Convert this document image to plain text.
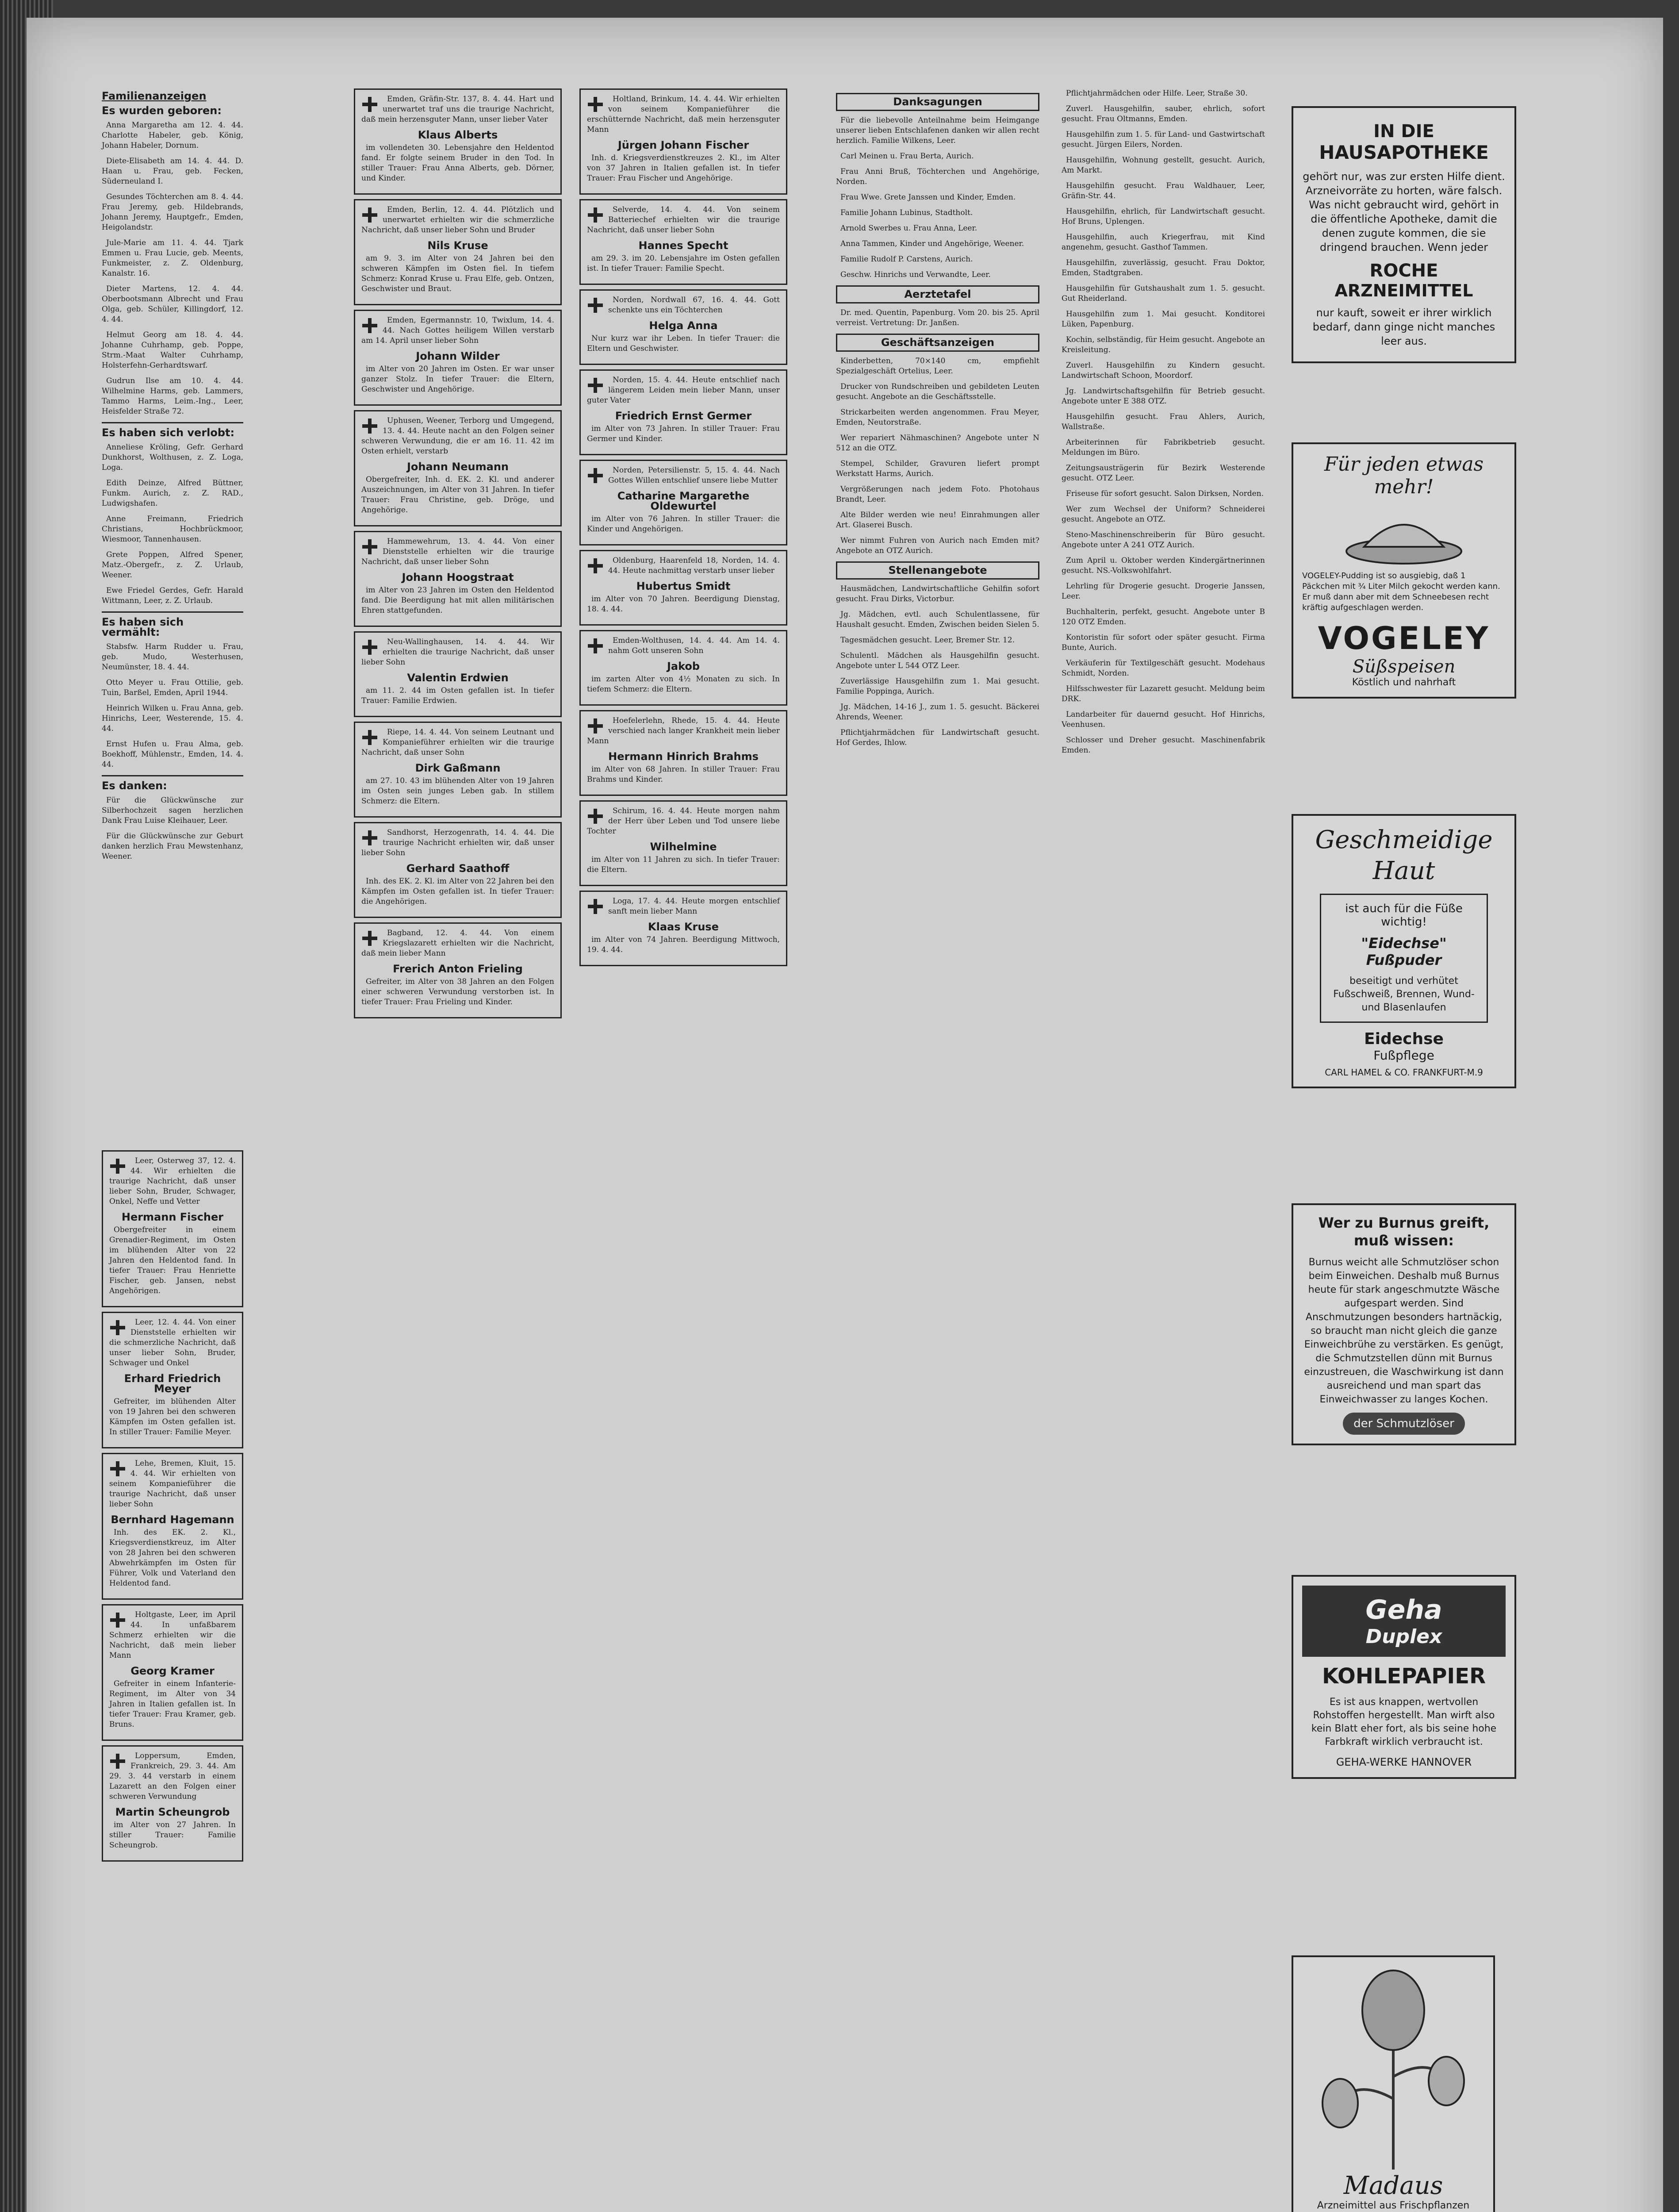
Familienanzeigen
Es wurden geboren:

Anna Margaretha am 12. 4. 44. Charlotte Habeler, geb. König, Johann Habeler, Dornum.

Diete-Elisabeth am 14. 4. 44. D. Haan u. Frau, geb. Fecken, Süderneuland I.

Gesundes Töchterchen am 8. 4. 44. Frau Jeremy, geb. Hildebrands, Johann Jeremy, Hauptgefr., Emden, Heigolandstr.

Jule-Marie am 11. 4. 44. Tjark Emmen u. Frau Lucie, geb. Meents, Funkmeister, z. Z. Oldenburg, Kanalstr. 16.

Dieter Martens, 12. 4. 44. Oberbootsmann Albrecht und Frau Olga, geb. Schüler, Killingdorf, 12. 4. 44.

Helmut Georg am 18. 4. 44. Johanne Cuhrhamp, geb. Poppe, Strm.-Maat Walter Cuhrhamp, Holsterfehn-Gerhardtswarf.

Gudrun Ilse am 10. 4. 44. Wilhelmine Harms, geb. Lammers, Tammo Harms, Leim.-Ing., Leer, Heisfelder Straße 72.

Es haben sich verlobt:

Anneliese Kröling, Gefr. Gerhard Dunkhorst, Wolthusen, z. Z. Loga, Loga.

Edith Deinze, Alfred Büttner, Funkm. Aurich, z. Z. RAD., Ludwigshafen.

Anne Freimann, Friedrich Christians, Hochbrückmoor, Wiesmoor, Tannenhausen.

Grete Poppen, Alfred Spener, Matz.-Obergefr., z. Z. Urlaub, Weener.

Ewe Friedel Gerdes, Gefr. Harald Wittmann, Leer, z. Z. Urlaub.

Es haben sich vermählt:

Stabsfw. Harm Rudder u. Frau, geb. Mudo, Westerhusen, Neumünster, 18. 4. 44.

Otto Meyer u. Frau Ottilie, geb. Tuin, Barßel, Emden, April 1944.

Heinrich Wilken u. Frau Anna, geb. Hinrichs, Leer, Westerende, 15. 4. 44.

Ernst Hufen u. Frau Alma, geb. Boekhoff, Mühlenstr., Emden, 14. 4. 44.

Es danken:

Für die Glückwünsche zur Silberhochzeit sagen herzlichen Dank Frau Luise Kleihauer, Leer.

Für die Glückwünsche zur Geburt danken herzlich Frau Mewstenhanz, Weener.

Leer, Osterweg 37, 12. 4. 44. Wir erhielten die traurige Nachricht, daß unser lieber Sohn, Bruder, Schwager, Onkel, Neffe und Vetter

Hermann Fischer

Obergefreiter in einem Grenadier-Regiment, im Osten im blühenden Alter von 22 Jahren den Heldentod fand. In tiefer Trauer: Frau Henriette Fischer, geb. Jansen, nebst Angehörigen.

Leer, 12. 4. 44. Von einer Dienststelle erhielten wir die schmerzliche Nachricht, daß unser lieber Sohn, Bruder, Schwager und Onkel

Erhard Friedrich Meyer

Gefreiter, im blühenden Alter von 19 Jahren bei den schweren Kämpfen im Osten gefallen ist. In stiller Trauer: Familie Meyer.

Lehe, Bremen, Kluit, 15. 4. 44. Wir erhielten von seinem Kompanieführer die traurige Nachricht, daß unser lieber Sohn

Bernhard Hagemann

Inh. des EK. 2. Kl., Kriegsverdienstkreuz, im Alter von 28 Jahren bei den schweren Abwehrkämpfen im Osten für Führer, Volk und Vaterland den Heldentod fand.

Holtgaste, Leer, im April 44. In unfaßbarem Schmerz erhielten wir die Nachricht, daß mein lieber Mann

Georg Kramer

Gefreiter in einem Infanterie-Regiment, im Alter von 34 Jahren in Italien gefallen ist. In tiefer Trauer: Frau Kramer, geb. Bruns.

Loppersum, Emden, Frankreich, 29. 3. 44. Am 29. 3. 44 verstarb in einem Lazarett an den Folgen einer schweren Verwundung

Martin Scheungrob

im Alter von 27 Jahren. In stiller Trauer: Familie Scheungrob.

Emden, Gräfin-Str. 137, 8. 4. 44. Hart und unerwartet traf uns die traurige Nachricht, daß mein herzensguter Mann, unser lieber Vater

Klaus Alberts

im vollendeten 30. Lebensjahre den Heldentod fand. Er folgte seinem Bruder in den Tod. In stiller Trauer: Frau Anna Alberts, geb. Dörner, und Kinder.

Emden, Berlin, 12. 4. 44. Plötzlich und unerwartet erhielten wir die schmerzliche Nachricht, daß unser lieber Sohn und Bruder

Nils Kruse

am 9. 3. im Alter von 24 Jahren bei den schweren Kämpfen im Osten fiel. In tiefem Schmerz: Konrad Kruse u. Frau Elfe, geb. Ontzen, Geschwister und Braut.

Emden, Egermannstr. 10, Twixlum, 14. 4. 44. Nach Gottes heiligem Willen verstarb am 14. April unser lieber Sohn

Johann Wilder

im Alter von 20 Jahren im Osten. Er war unser ganzer Stolz. In tiefer Trauer: die Eltern, Geschwister und Angehörige.

Uphusen, Weener, Terborg und Umgegend, 13. 4. 44. Heute nacht an den Folgen seiner schweren Verwundung, die er am 16. 11. 42 im Osten erhielt, verstarb

Johann Neumann

Obergefreiter, Inh. d. EK. 2. Kl. und anderer Auszeichnungen, im Alter von 31 Jahren. In tiefer Trauer: Frau Christine, geb. Dröge, und Angehörige.

Hammewehrum, 13. 4. 44. Von einer Dienststelle erhielten wir die traurige Nachricht, daß unser lieber Sohn

Johann Hoogstraat

im Alter von 23 Jahren im Osten den Heldentod fand. Die Beerdigung hat mit allen militärischen Ehren stattgefunden.

Neu-Wallinghausen, 14. 4. 44. Wir erhielten die traurige Nachricht, daß unser lieber Sohn

Valentin Erdwien

am 11. 2. 44 im Osten gefallen ist. In tiefer Trauer: Familie Erdwien.

Riepe, 14. 4. 44. Von seinem Leutnant und Kompanieführer erhielten wir die traurige Nachricht, daß unser Sohn

Dirk Gaßmann

am 27. 10. 43 im blühenden Alter von 19 Jahren im Osten sein junges Leben gab. In stillem Schmerz: die Eltern.

Sandhorst, Herzogenrath, 14. 4. 44. Die traurige Nachricht erhielten wir, daß unser lieber Sohn

Gerhard Saathoff

Inh. des EK. 2. Kl. im Alter von 22 Jahren bei den Kämpfen im Osten gefallen ist. In tiefer Trauer: die Angehörigen.

Bagband, 12. 4. 44. Von einem Kriegslazarett erhielten wir die Nachricht, daß mein lieber Mann

Frerich Anton Frieling

Gefreiter, im Alter von 38 Jahren an den Folgen einer schweren Verwundung verstorben ist. In tiefer Trauer: Frau Frieling und Kinder.

Holtland, Brinkum, 14. 4. 44. Wir erhielten von seinem Kompanieführer die erschütternde Nachricht, daß mein herzensguter Mann

Jürgen Johann Fischer

Inh. d. Kriegsverdienstkreuzes 2. Kl., im Alter von 37 Jahren in Italien gefallen ist. In tiefer Trauer: Frau Fischer und Angehörige.

Selverde, 14. 4. 44. Von seinem Batteriechef erhielten wir die traurige Nachricht, daß unser lieber Sohn

Hannes Specht

am 29. 3. im 20. Lebensjahre im Osten gefallen ist. In tiefer Trauer: Familie Specht.

Norden, Nordwall 67, 16. 4. 44. Gott schenkte uns ein Töchterchen

Helga Anna

Nur kurz war ihr Leben. In tiefer Trauer: die Eltern und Geschwister.

Norden, 15. 4. 44. Heute entschlief nach längerem Leiden mein lieber Mann, unser guter Vater

Friedrich Ernst Germer

im Alter von 73 Jahren. In stiller Trauer: Frau Germer und Kinder.

Norden, Petersilienstr. 5, 15. 4. 44. Nach Gottes Willen entschlief unsere liebe Mutter

Catharine Margarethe Oldewurtel

im Alter von 76 Jahren. In stiller Trauer: die Kinder und Angehörigen.

Oldenburg, Haarenfeld 18, Norden, 14. 4. 44. Heute nachmittag verstarb unser lieber

Hubertus Smidt

im Alter von 70 Jahren. Beerdigung Dienstag, 18. 4. 44.

Emden-Wolthusen, 14. 4. 44. Am 14. 4. nahm Gott unseren Sohn

Jakob

im zarten Alter von 4½ Monaten zu sich. In tiefem Schmerz: die Eltern.

Hoefelerlehn, Rhede, 15. 4. 44. Heute verschied nach langer Krankheit mein lieber Mann

Hermann Hinrich Brahms

im Alter von 68 Jahren. In stiller Trauer: Frau Brahms und Kinder.

Schirum, 16. 4. 44. Heute morgen nahm der Herr über Leben und Tod unsere liebe Tochter

Wilhelmine

im Alter von 11 Jahren zu sich. In tiefer Trauer: die Eltern.

Loga, 17. 4. 44. Heute morgen entschlief sanft mein lieber Mann

Klaas Kruse

im Alter von 74 Jahren. Beerdigung Mittwoch, 19. 4. 44.

Danksagungen

Für die liebevolle Anteilnahme beim Heimgange unserer lieben Entschlafenen danken wir allen recht herzlich. Familie Wilkens, Leer.

Carl Meinen u. Frau Berta, Aurich.

Frau Anni Bruß, Töchterchen und Angehörige, Norden.

Frau Wwe. Grete Janssen und Kinder, Emden.

Familie Johann Lubinus, Stadtholt.

Arnold Swerbes u. Frau Anna, Leer.

Anna Tammen, Kinder und Angehörige, Weener.

Familie Rudolf P. Carstens, Aurich.

Geschw. Hinrichs und Verwandte, Leer.

Aerztetafel

Dr. med. Quentin, Papenburg. Vom 20. bis 25. April verreist. Vertretung: Dr. Janßen.

Geschäftsanzeigen

Kinderbetten, 70×140 cm, empfiehlt Spezialgeschäft Ortelius, Leer.

Drucker von Rundschreiben und gebildeten Leuten gesucht. Angebote an die Geschäftsstelle.

Strickarbeiten werden angenommen. Frau Meyer, Emden, Neutorstraße.

Wer repariert Nähmaschinen? Angebote unter N 512 an die OTZ.

Stempel, Schilder, Gravuren liefert prompt Werkstatt Harms, Aurich.

Vergrößerungen nach jedem Foto. Photohaus Brandt, Leer.

Alte Bilder werden wie neu! Einrahmungen aller Art. Glaserei Busch.

Wer nimmt Fuhren von Aurich nach Emden mit? Angebote an OTZ Aurich.

Stellenangebote

Hausmädchen, Landwirtschaftliche Gehilfin sofort gesucht. Frau Dirks, Victorbur.

Jg. Mädchen, evtl. auch Schulentlassene, für Haushalt gesucht. Emden, Zwischen beiden Sielen 5.

Tagesmädchen gesucht. Leer, Bremer Str. 12.

Schulentl. Mädchen als Hausgehilfin gesucht. Angebote unter L 544 OTZ Leer.

Zuverlässige Hausgehilfin zum 1. Mai gesucht. Familie Poppinga, Aurich.

Jg. Mädchen, 14-16 J., zum 1. 5. gesucht. Bäckerei Ahrends, Weener.

Pflichtjahrmädchen für Landwirtschaft gesucht. Hof Gerdes, Ihlow.

Pflichtjahrmädchen oder Hilfe. Leer, Straße 30.

Zuverl. Hausgehilfin, sauber, ehrlich, sofort gesucht. Frau Oltmanns, Emden.

Hausgehilfin zum 1. 5. für Land- und Gastwirtschaft gesucht. Jürgen Eilers, Norden.

Hausgehilfin, Wohnung gestellt, gesucht. Aurich, Am Markt.

Hausgehilfin gesucht. Frau Waldhauer, Leer, Gräfin-Str. 44.

Hausgehilfin, ehrlich, für Landwirtschaft gesucht. Hof Bruns, Uplengen.

Hausgehilfin, auch Kriegerfrau, mit Kind angenehm, gesucht. Gasthof Tammen.

Hausgehilfin, zuverlässig, gesucht. Frau Doktor, Emden, Stadtgraben.

Hausgehilfin für Gutshaushalt zum 1. 5. gesucht. Gut Rheiderland.

Hausgehilfin zum 1. Mai gesucht. Konditorei Lüken, Papenburg.

Kochin, selbständig, für Heim gesucht. Angebote an Kreisleitung.

Zuverl. Hausgehilfin zu Kindern gesucht. Landwirtschaft Schoon, Moordorf.

Jg. Landwirtschaftsgehilfin für Betrieb gesucht. Angebote unter E 388 OTZ.

Hausgehilfin gesucht. Frau Ahlers, Aurich, Wallstraße.

Arbeiterinnen für Fabrikbetrieb gesucht. Meldungen im Büro.

Zeitungsausträgerin für Bezirk Westerende gesucht. OTZ Leer.

Friseuse für sofort gesucht. Salon Dirksen, Norden.

Wer zum Wechsel der Uniform? Schneiderei gesucht. Angebote an OTZ.

Steno-Maschinenschreiberin für Büro gesucht. Angebote unter A 241 OTZ Aurich.

Zum April u. Oktober werden Kindergärtnerinnen gesucht. NS.-Volkswohlfahrt.

Lehrling für Drogerie gesucht. Drogerie Janssen, Leer.

Buchhalterin, perfekt, gesucht. Angebote unter B 120 OTZ Emden.

Kontoristin für sofort oder später gesucht. Firma Bunte, Aurich.

Verkäuferin für Textilgeschäft gesucht. Modehaus Schmidt, Norden.

Hilfsschwester für Lazarett gesucht. Meldung beim DRK.

Landarbeiter für dauernd gesucht. Hof Hinrichs, Veenhusen.

Schlosser und Dreher gesucht. Maschinenfabrik Emden.

IN DIE
HAUSAPOTHEKE
gehört nur, was zur ersten Hilfe dient. Arzneivorräte zu horten, wäre falsch. Was nicht gebraucht wird, gehört in die öffentliche Apotheke, damit die denen zugute kommen, die sie dringend brauchen. Wenn jeder
ROCHE
ARZNEIMITTEL
nur kauft, soweit er ihrer wirklich bedarf, dann ginge nicht manches leer aus.
Für jeden etwas mehr!
VOGELEY-Pudding ist so ausgiebig, daß 1 Päckchen mit ¾ Liter Milch gekocht werden kann. Er muß dann aber mit dem Schneebesen recht kräftig aufgeschlagen werden.
VOGELEY
Süßspeisen
Köstlich und nahrhaft
Geschmeidige Haut
ist auch für die Füße wichtig!
"Eidechse" Fußpuder
beseitigt und verhütet Fußschweiß, Brennen, Wund- und Blasenlaufen
Eidechse
Fußpflege
CARL HAMEL & CO. FRANKFURT-M.9
Wer zu Burnus greift, muß wissen:
Burnus weicht alle Schmutzlöser schon beim Einweichen. Deshalb muß Burnus heute für stark angeschmutzte Wäsche aufgespart werden. Sind Anschmutzungen besonders hartnäckig, so braucht man nicht gleich die ganze Einweichbrühe zu verstärken. Es genügt, die Schmutzstellen dünn mit Burnus einzustreuen, die Waschwirkung ist dann ausreichend und man spart das Einweichwasser zu langes Kochen.
der Schmutzlöser
Geha
Duplex
KOHLEPAPIER
Es ist aus knappen, wertvollen Rohstoffen hergestellt. Man wirft also kein Blatt eher fort, als bis seine hohe Farbkraft wirklich verbraucht ist.
GEHA-WERKE HANNOVER
Madaus
Arzneimittel aus Frischpflanzen
